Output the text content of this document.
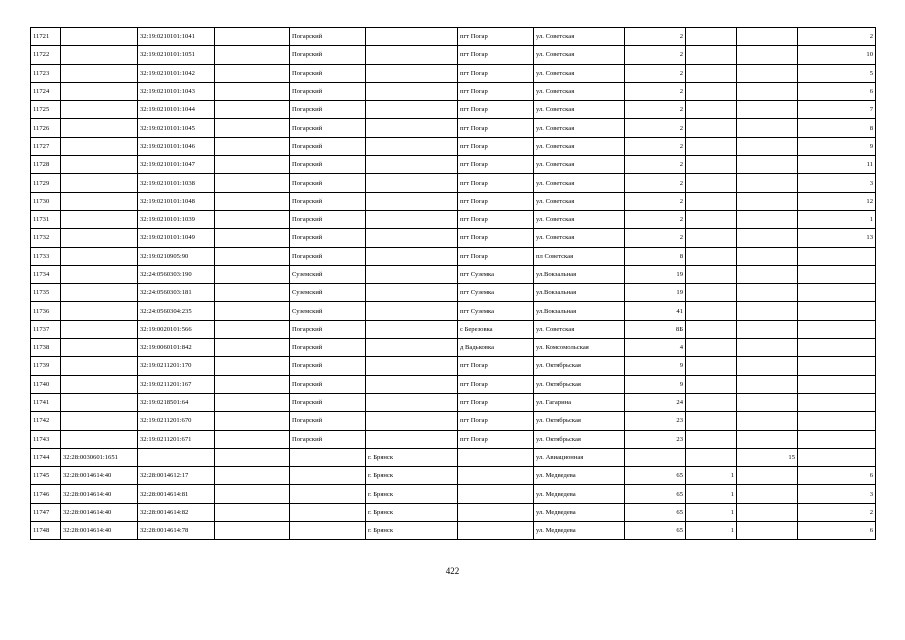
11721		32:19:0210101:1041		Погарский		пгт Погар	ул. Советская	2			2
11722		32:19:0210101:1051		Погарский		пгт Погар	ул. Советская	2			10
11723		32:19:0210101:1042		Погарский		пгт Погар	ул. Советская	2			5
11724		32:19:0210101:1043		Погарский		пгт Погар	ул. Советская	2			6
11725		32:19:0210101:1044		Погарский		пгт Погар	ул. Советская	2			7
11726		32:19:0210101:1045		Погарский		пгт Погар	ул. Советская	2			8
11727		32:19:0210101:1046		Погарский		пгт Погар	ул. Советская	2			9
11728		32:19:0210101:1047		Погарский		пгт Погар	ул. Советская	2			11
11729		32:19:0210101:1038		Погарский		пгт Погар	ул. Советская	2			3
11730		32:19:0210101:1048		Погарский		пгт Погар	ул. Советская	2			12
11731		32:19:0210101:1039		Погарский		пгт Погар	ул. Советская	2			1
11732		32:19:0210101:1049		Погарский		пгт Погар	ул. Советская	2			13
11733		32:19:0210905:90		Погарский		пгт Погар	пл Советская	8			
11734		32:24:0560303:190		Суземский		пгт Суземка	ул.Вокзальная	19			
11735		32:24:0560303:181		Суземский		пгт Суземка	ул.Вокзальная	19			
11736		32:24:0560304:235		Суземский		пгт Суземка	ул.Вокзальная	41			
11737		32:19:0020101:566		Погарский		с Березовка	ул. Советская	8Б			
11738		32:19:0060101:842		Погарский		д Вадьковка	ул. Комсомольская	4			
11739		32:19:0211201:170		Погарский		пгт Погар	ул. Октябрьская	9			
11740		32:19:0211201:167		Погарский		пгт Погар	ул. Октябрьская	9			
11741		32:19:0218501:64		Погарский		пгт Погар	ул. Гагарина	24			
11742		32:19:0211201:670		Погарский		пгт Погар	ул. Октябрьская	23			
11743		32:19:0211201:671		Погарский		пгт Погар	ул. Октябрьская	23			
11744	32:28:0030601:1651				г. Брянск		ул. Авиационная			15	
11745	32:28:0014614:40	32:28:0014612:17			г. Брянск		ул. Медведева	65	1		6
11746	32:28:0014614:40	32:28:0014614:81			г. Брянск		ул. Медведева	65	1		3
11747	32:28:0014614:40	32:28:0014614:82			г. Брянск		ул. Медведева	65	1		2
11748	32:28:0014614:40	32:28:0014614:78			г. Брянск		ул. Медведева	65	1		6
422
